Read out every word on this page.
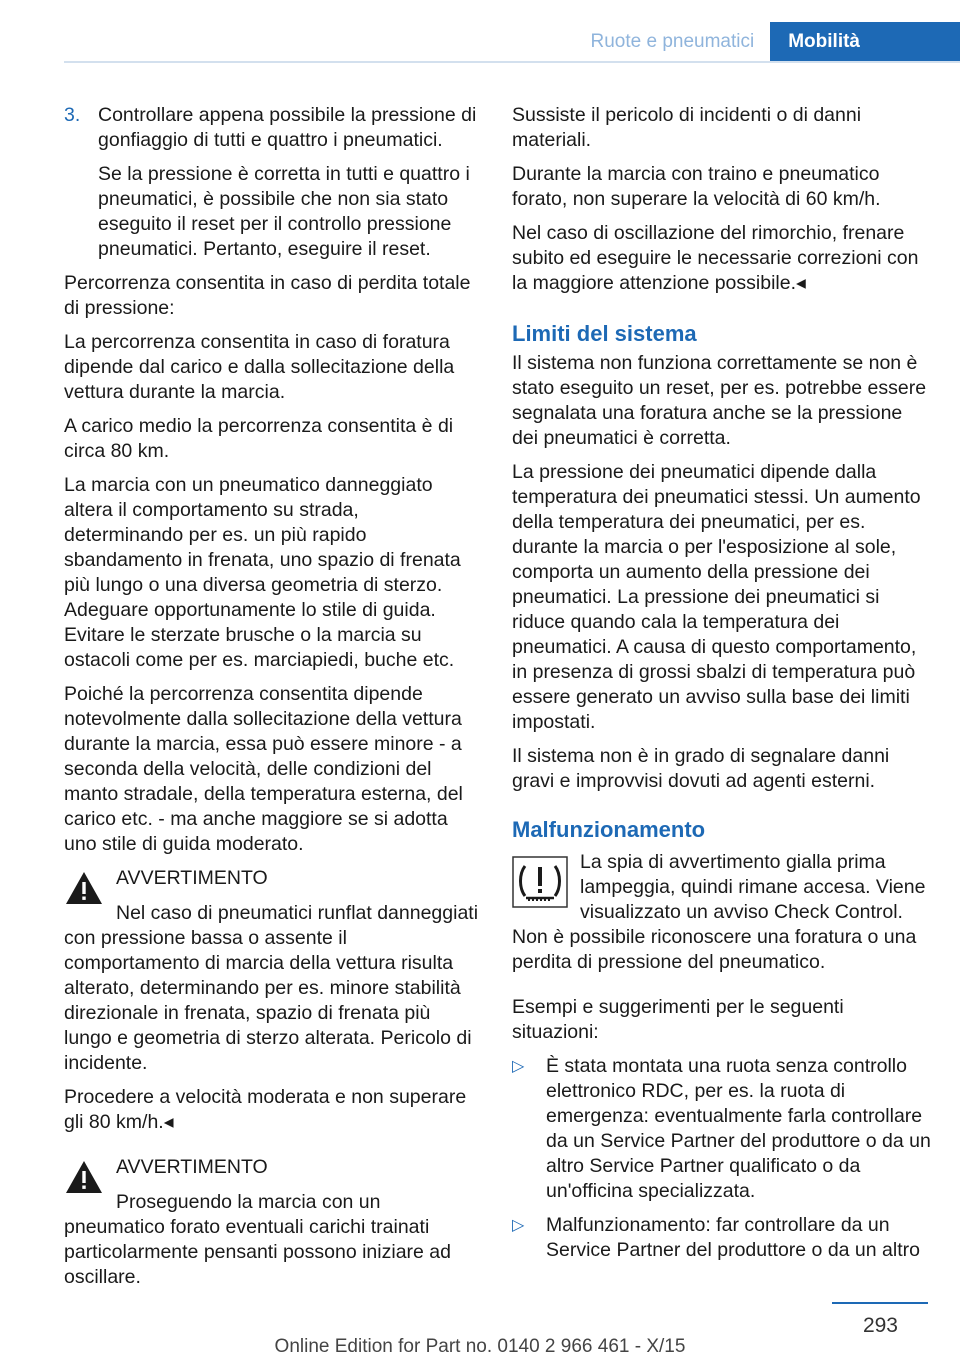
Ruote e pneumatici	Mobilità
3. Controllare appena possibile la pressione di gonfiaggio di tutti e quattro i pneumatici.

Se la pressione è corretta in tutti e quattro i pneumatici, è possibile che non sia stato eseguito il reset per il controllo pressione pneumatici. Pertanto, eseguire il reset.

Percorrenza consentita in caso di perdita totale di pressione:

La percorrenza consentita in caso di foratura dipende dal carico e dalla sollecitazione della vettura durante la marcia.

A carico medio la percorrenza consentita è di circa 80 km.

La marcia con un pneumatico danneggiato altera il comportamento su strada, determinando per es. un più rapido sbandamento in frenata, uno spazio di frenata più lungo o una diversa geometria di sterzo. Adeguare opportunamente lo stile di guida. Evitare le sterzate brusche o la marcia su ostacoli come per es. marciapiedi, buche etc.

Poiché la percorrenza consentita dipende notevolmente dalla sollecitazione della vettura durante la marcia, essa può essere minore - a seconda della velocità, delle condizioni del manto stradale, della temperatura esterna, del carico etc. - ma anche maggiore se si adotta uno stile di guida moderato.

AVVERTIMENTO

Nel caso di pneumatici runflat danneggiati con pressione bassa o assente il comportamento di marcia della vettura risulta alterato, determinando per es. minore stabilità direzionale in frenata, spazio di frenata più lungo e geometria di sterzo alterata. Pericolo di incidente.

Procedere a velocità moderata e non superare gli 80 km/h.◂

AVVERTIMENTO

Proseguendo la marcia con un pneumatico forato eventuali carichi trainati particolarmente pensanti possono iniziare ad oscillare.

Sussiste il pericolo di incidenti o di danni materiali.

Durante la marcia con traino e pneumatico forato, non superare la velocità di 60 km/h.

Nel caso di oscillazione del rimorchio, frenare subito ed eseguire le necessarie correzioni con la maggiore attenzione possibile.◂

Limiti del sistema

Il sistema non funziona correttamente se non è stato eseguito un reset, per es. potrebbe essere segnalata una foratura anche se la pressione dei pneumatici è corretta.

La pressione dei pneumatici dipende dalla temperatura dei pneumatici stessi. Un aumento della temperatura dei pneumatici, per es. durante la marcia o per l'esposizione al sole, comporta un aumento della pressione dei pneumatici. La pressione dei pneumatici si riduce quando cala la temperatura dei pneumatici. A causa di questo comportamento, in presenza di grossi sbalzi di temperatura può essere generato un avviso sulla base dei limiti impostati.

Il sistema non è in grado di segnalare danni gravi e improvvisi dovuti ad agenti esterni.

Malfunzionamento

La spia di avvertimento gialla prima lampeggia, quindi rimane accesa. Viene visualizzato un avviso Check Control.

Non è possibile riconoscere una foratura o una perdita di pressione del pneumatico.

Esempi e suggerimenti per le seguenti situazioni:

▷	È stata montata una ruota senza controllo elettronico RDC, per es. la ruota di emergenza: eventualmente farla controllare da un Service Partner del produttore o da un altro Service Partner qualificato o da un'officina specializzata.
▷	Malfunzionamento: far controllare da un Service Partner del produttore o da un altro
293
Online Edition for Part no. 0140 2 966 461 - X/15
